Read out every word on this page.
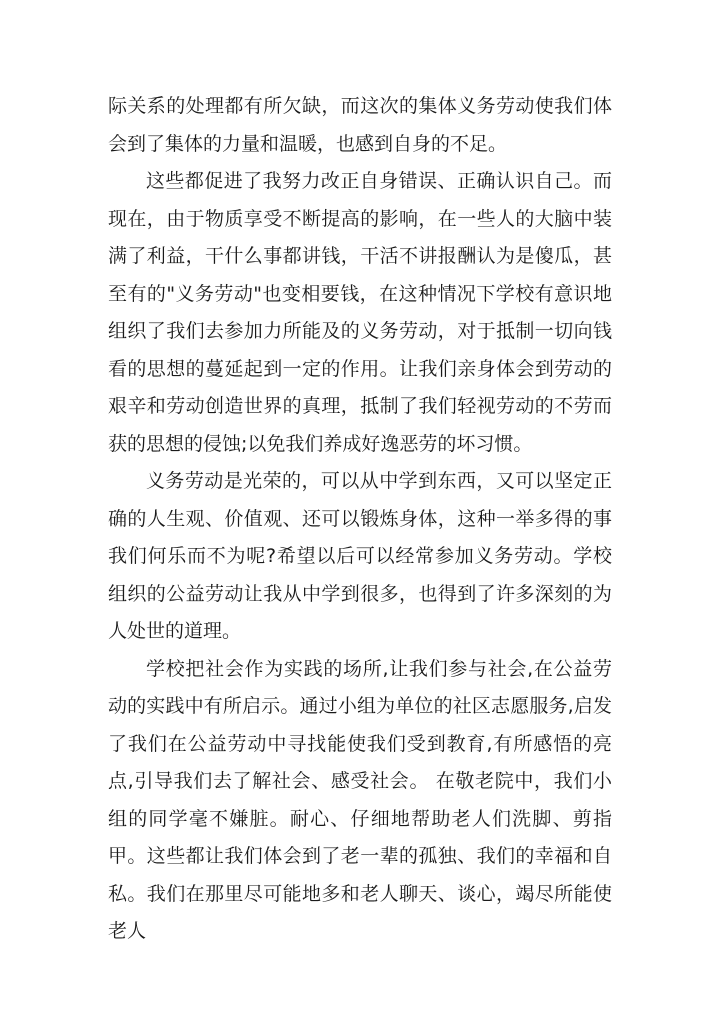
际关系的处理都有所欠缺，而这次的集体义务劳动使我们体会到了集体的力量和温暖，也感到自身的不足。

这些都促进了我努力改正自身错误、正确认识自己。而现在，由于物质享受不断提高的影响，在一些人的大脑中装满了利益，干什么事都讲钱，干活不讲报酬认为是傻瓜，甚至有的"义务劳动"也变相要钱，在这种情况下学校有意识地组织了我们去参加力所能及的义务劳动，对于抵制一切向钱看的思想的蔓延起到一定的作用。让我们亲身体会到劳动的艰辛和劳动创造世界的真理，抵制了我们轻视劳动的不劳而获的思想的侵蚀;以免我们养成好逸恶劳的坏习惯。

义务劳动是光荣的，可以从中学到东西，又可以坚定正确的人生观、价值观、还可以锻炼身体，这种一举多得的事我们何乐而不为呢?希望以后可以经常参加义务劳动。学校组织的公益劳动让我从中学到很多，也得到了许多深刻的为人处世的道理。

学校把社会作为实践的场所,让我们参与社会,在公益劳动的实践中有所启示。通过小组为单位的社区志愿服务,启发了我们在公益劳动中寻找能使我们受到教育,有所感悟的亮点,引导我们去了解社会、感受社会。 在敬老院中，我们小组的同学毫不嫌脏。耐心、仔细地帮助老人们洗脚、剪指甲。这些都让我们体会到了老一辈的孤独、我们的幸福和自私。我们在那里尽可能地多和老人聊天、谈心，竭尽所能使老人
